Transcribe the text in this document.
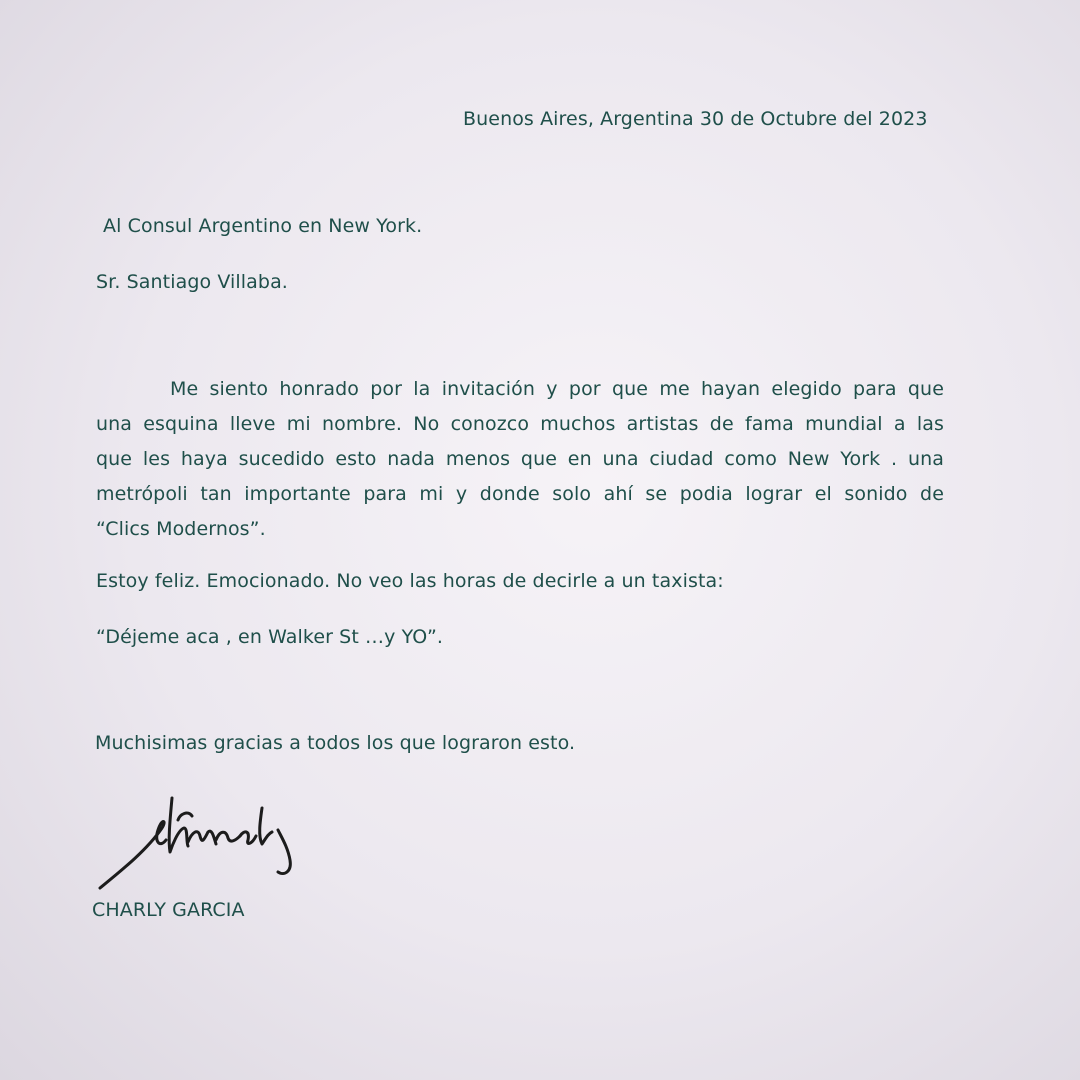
Buenos Aires, Argentina 30 de Octubre del 2023

Al Consul Argentino en New York.

Sr. Santiago Villaba.

Me siento honrado por la invitación y por que me hayan elegido para que
una esquina lleve mi nombre. No conozco muchos artistas de fama mundial a las
que les haya sucedido esto nada menos que en una ciudad como New York . una
metrópoli tan importante para mi y donde solo ahí se podia lograr el sonido de
“Clics Modernos”.

Estoy feliz. Emocionado. No veo las horas de decirle a un taxista:

“Déjeme aca , en Walker St …y YO”.

Muchisimas gracias a todos los que lograron esto.

CHARLY GARCIA
